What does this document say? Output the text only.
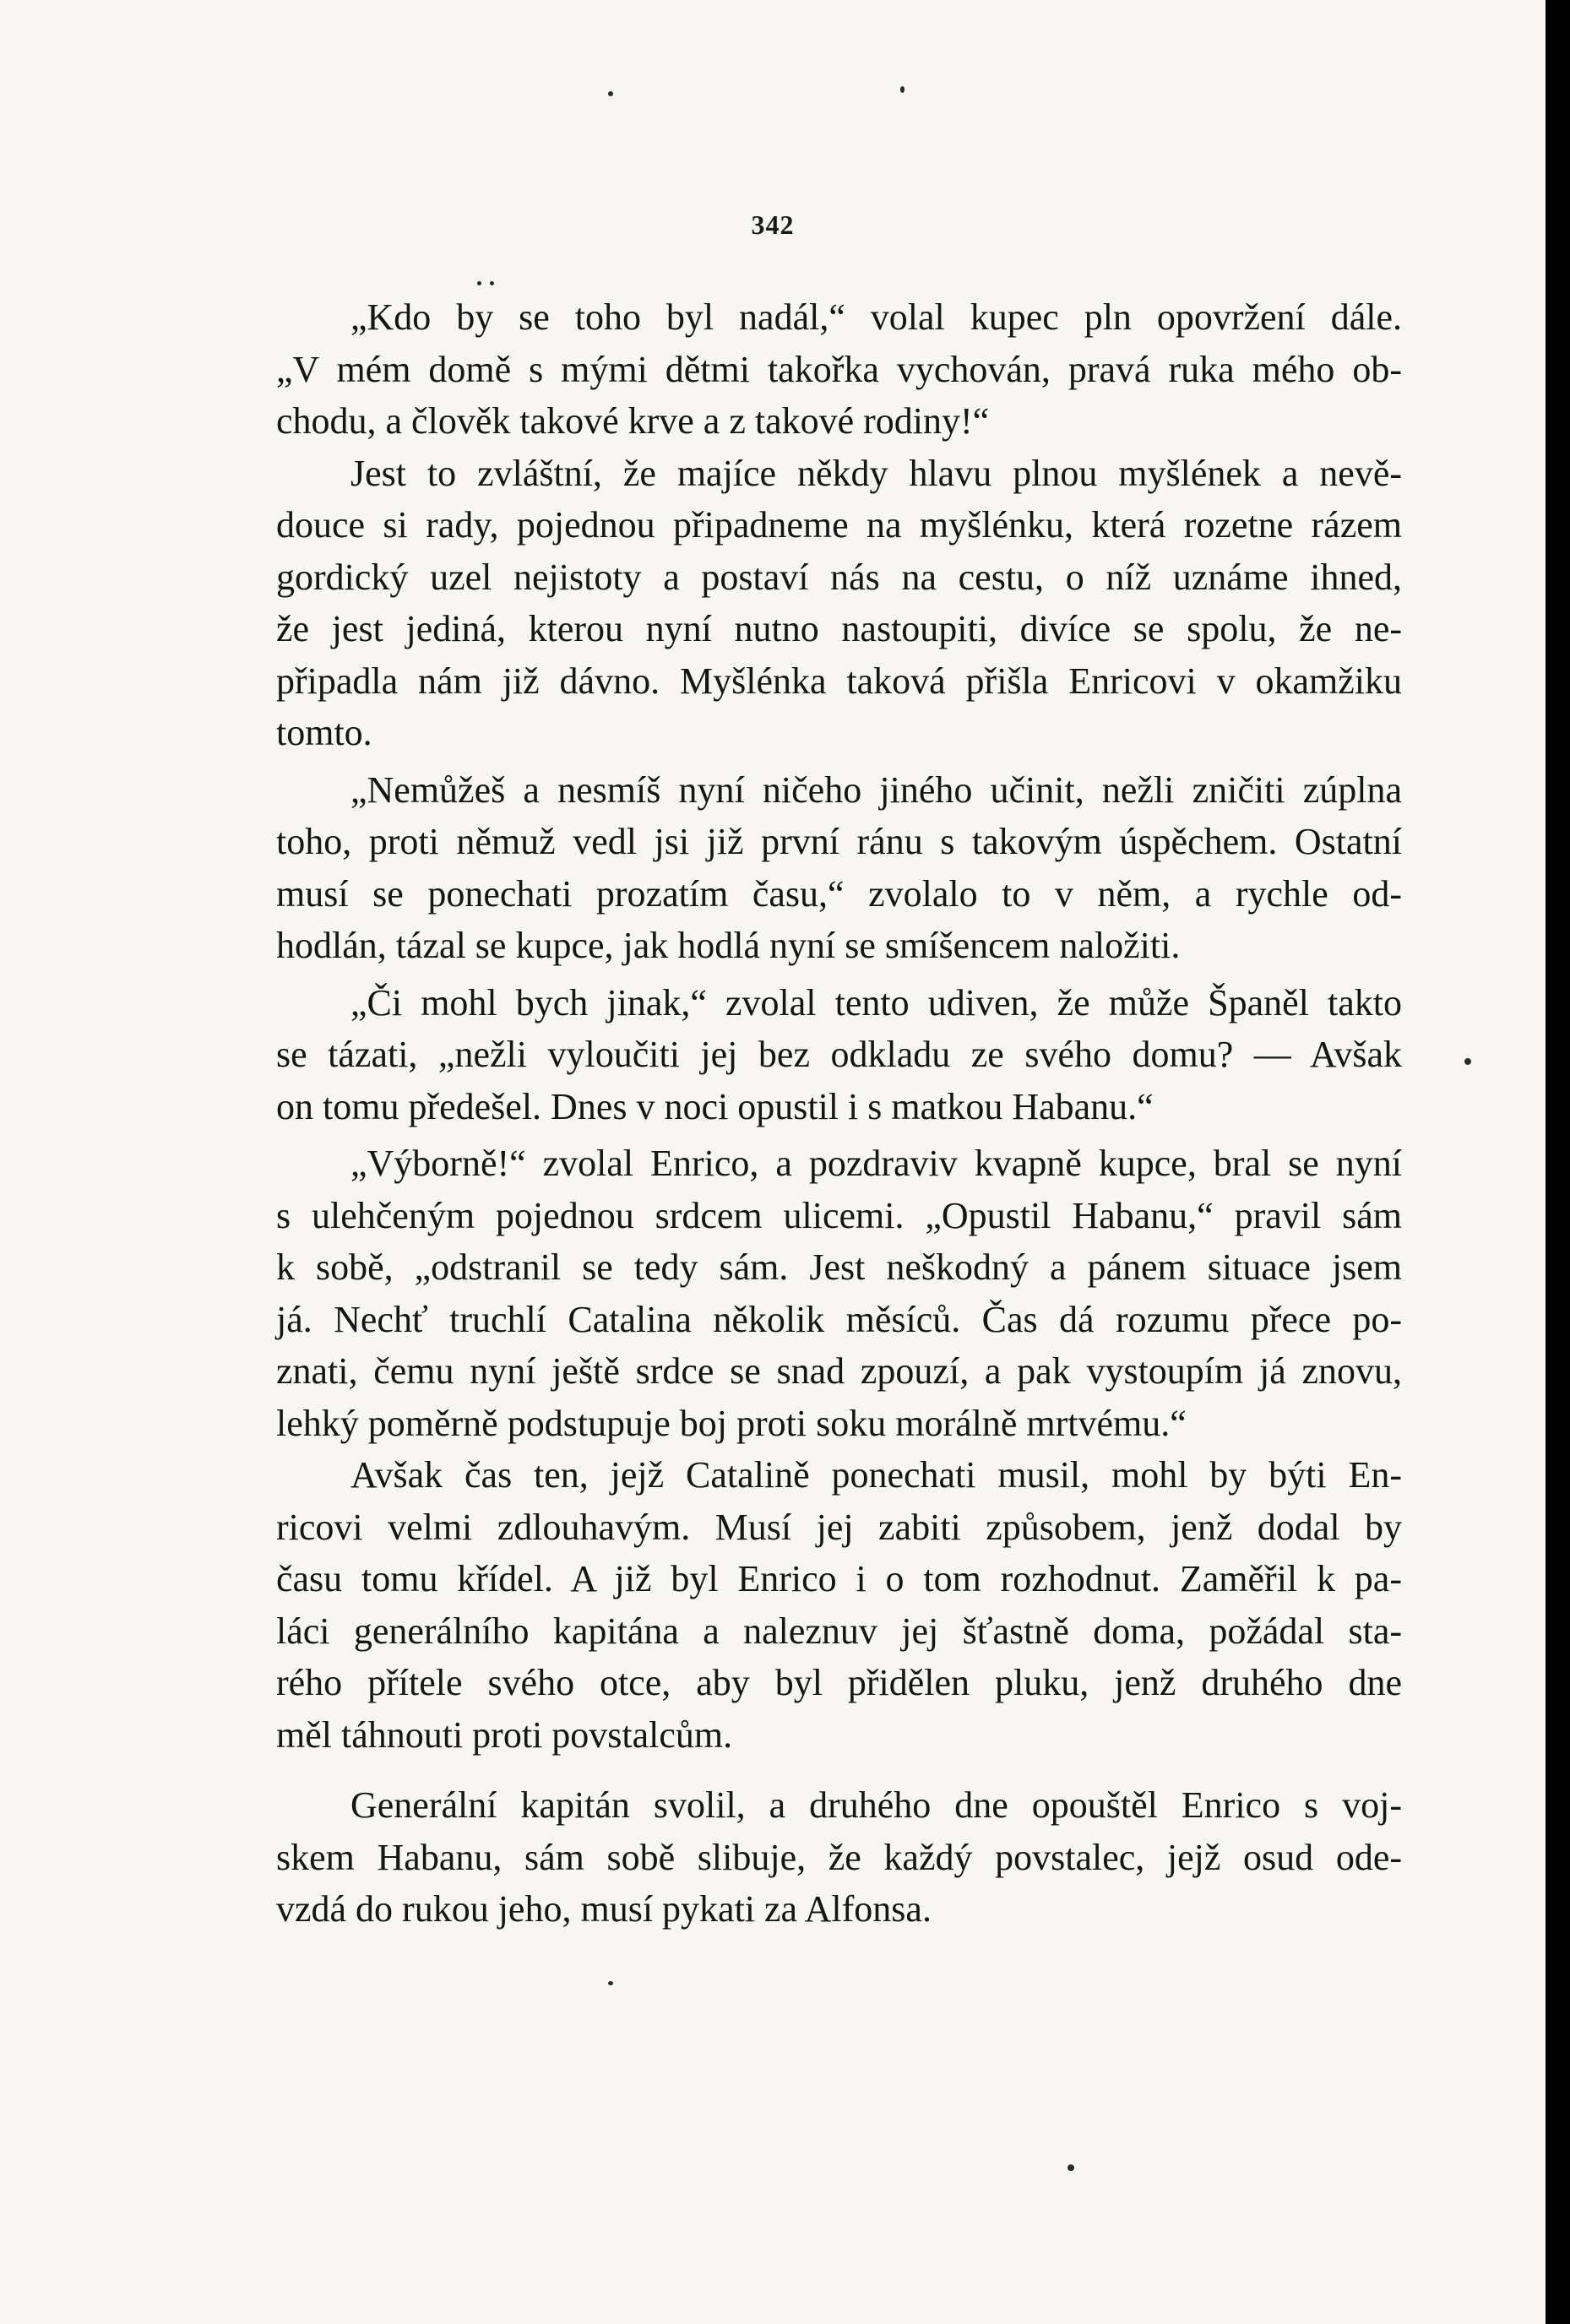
342
„Kdo by se toho byl nadál,“ volal kupec pln opovržení dále.
„V mém domě s mými dětmi takořka vychován, pravá ruka mého ob-
chodu, a člověk takové krve a z takové rodiny!“
Jest to zvláštní, že majíce někdy hlavu plnou myšlének a nevě-
douce si rady, pojednou připadneme na myšlénku, která rozetne rázem
gordický uzel nejistoty a postaví nás na cestu, o níž uznáme ihned,
že jest jediná, kterou nyní nutno nastoupiti, divíce se spolu, že ne-
připadla nám již dávno. Myšlénka taková přišla Enricovi v okamžiku
tomto.
„Nemůžeš a nesmíš nyní ničeho jiného učinit, nežli zničiti zúplna
toho, proti němuž vedl jsi již první ránu s takovým úspěchem. Ostatní
musí se ponechati prozatím času,“ zvolalo to v něm, a rychle od-
hodlán, tázal se kupce, jak hodlá nyní se smíšencem naložiti.
„Či mohl bych jinak,“ zvolal tento udiven, že může Španěl takto
se tázati, „nežli vyloučiti jej bez odkladu ze svého domu? — Avšak
on tomu předešel. Dnes v noci opustil i s matkou Habanu.“
„Výborně!“ zvolal Enrico, a pozdraviv kvapně kupce, bral se nyní
s ulehčeným pojednou srdcem ulicemi. „Opustil Habanu,“ pravil sám
k sobě, „odstranil se tedy sám. Jest neškodný a pánem situace jsem
já. Nechť truchlí Catalina několik měsíců. Čas dá rozumu přece po-
znati, čemu nyní ještě srdce se snad zpouzí, a pak vystoupím já znovu,
lehký poměrně podstupuje boj proti soku morálně mrtvému.“
Avšak čas ten, jejž Catalině ponechati musil, mohl by býti En-
ricovi velmi zdlouhavým. Musí jej zabiti způsobem, jenž dodal by
času tomu křídel. A již byl Enrico i o tom rozhodnut. Zaměřil k pa-
láci generálního kapitána a naleznuv jej šťastně doma, požádal sta-
rého přítele svého otce, aby byl přidělen pluku, jenž druhého dne
měl táhnouti proti povstalcům.
Generální kapitán svolil, a druhého dne opouštěl Enrico s voj-
skem Habanu, sám sobě slibuje, že každý povstalec, jejž osud ode-
vzdá do rukou jeho, musí pykati za Alfonsa.
